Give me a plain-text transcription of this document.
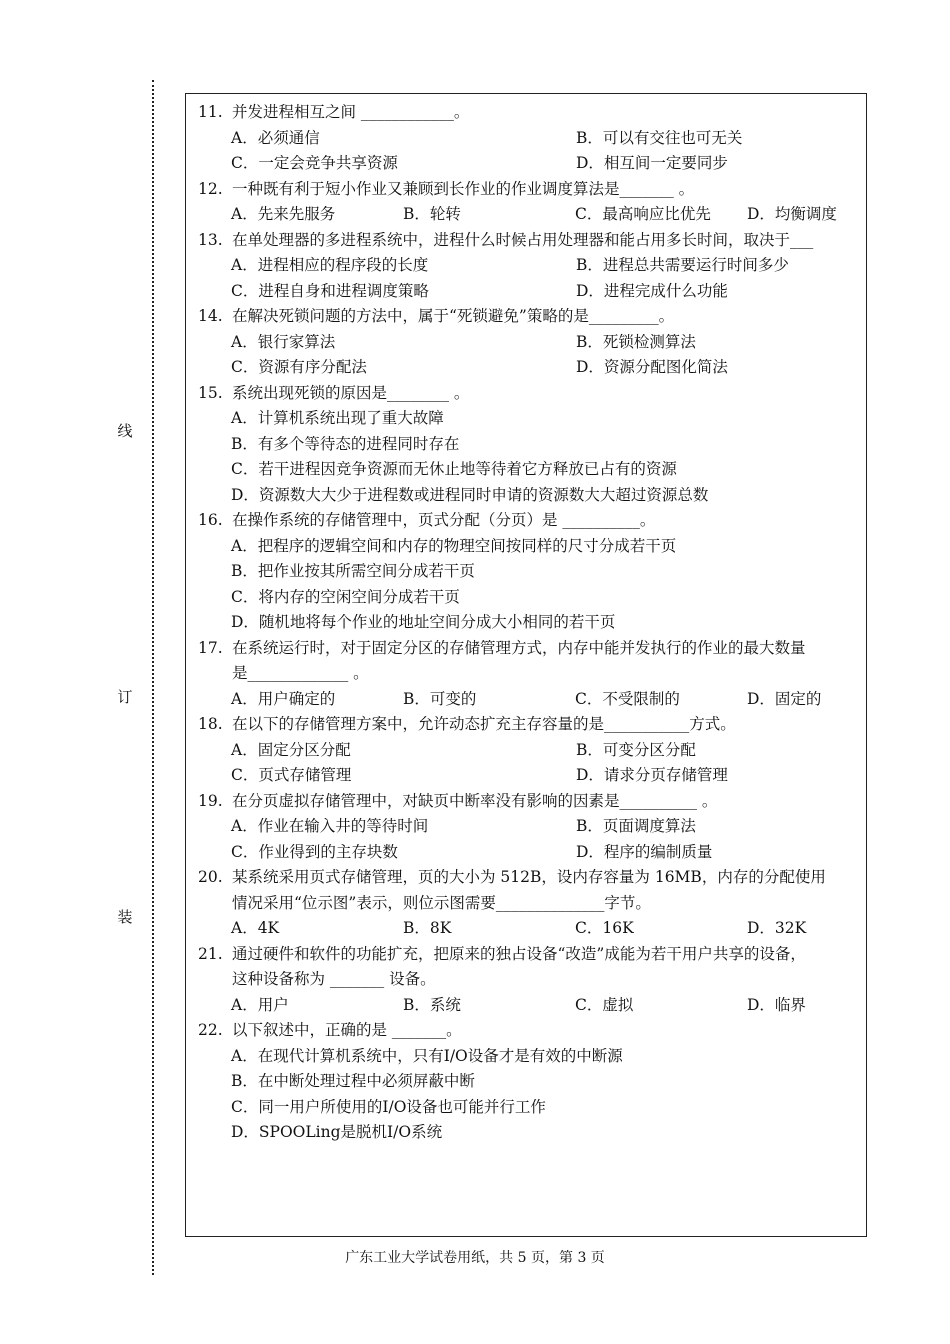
线
订
装
11. 并发进程相互之间 ____________。
A．必须通信	B．可以有交往也可无关
C．一定会竞争共享资源	D．相互间一定要同步
12. 一种既有利于短小作业又兼顾到长作业的作业调度算法是_______ 。
A．先来先服务	B．轮转	C．最高响应比优先 D．均衡调度
13. 在单处理器的多进程系统中，进程什么时候占用处理器和能占用多长时间，取决于___
A．进程相应的程序段的长度	B．进程总共需要运行时间多少
C．进程自身和进程调度策略	D．进程完成什么功能
14. 在解决死锁问题的方法中，属于“死锁避免”策略的是_________。
A．银行家算法	B．死锁检测算法
C．资源有序分配法	D．资源分配图化简法
15. 系统出现死锁的原因是________ 。
A．计算机系统出现了重大故障
B．有多个等待态的进程同时存在
C．若干进程因竞争资源而无休止地等待着它方释放已占有的资源
D．资源数大大少于进程数或进程同时申请的资源数大大超过资源总数
16. 在操作系统的存储管理中，页式分配（分页）是 __________。
A．把程序的逻辑空间和内存的物理空间按同样的尺寸分成若干页
B．把作业按其所需空间分成若干页
C．将内存的空闲空间分成若干页
D．随机地将每个作业的地址空间分成大小相同的若干页
17. 在系统运行时，对于固定分区的存储管理方式，内存中能并发执行的作业的最大数量
是_____________ 。
A．用户确定的	B．可变的	C．不受限制的	D．固定的
18. 在以下的存储管理方案中，允许动态扩充主存容量的是___________方式。
A．固定分区分配	B．可变分区分配
C．页式存储管理	D．请求分页存储管理
19. 在分页虚拟存储管理中，对缺页中断率没有影响的因素是__________ 。
A．作业在输入井的等待时间	B．页面调度算法
C．作业得到的主存块数	D．程序的编制质量
20. 某系统采用页式存储管理，页的大小为 512B，设内存容量为 16MB，内存的分配使用
情况采用“位示图”表示，则位示图需要______________字节。
A．4K	B．8K	C．16K	D．32K
21. 通过硬件和软件的功能扩充，把原来的独占设备“改造”成能为若干用户共享的设备，
这种设备称为 _______ 设备。
A．用户	B．系统	C．虚拟	D．临界
22. 以下叙述中，正确的是 _______。
A．在现代计算机系统中，只有I/O设备才是有效的中断源
B．在中断处理过程中必须屏蔽中断
C．同一用户所使用的I/O设备也可能并行工作
D．SPOOLing是脱机I/O系统
广东工业大学试卷用纸，共 5 页，第 3 页
